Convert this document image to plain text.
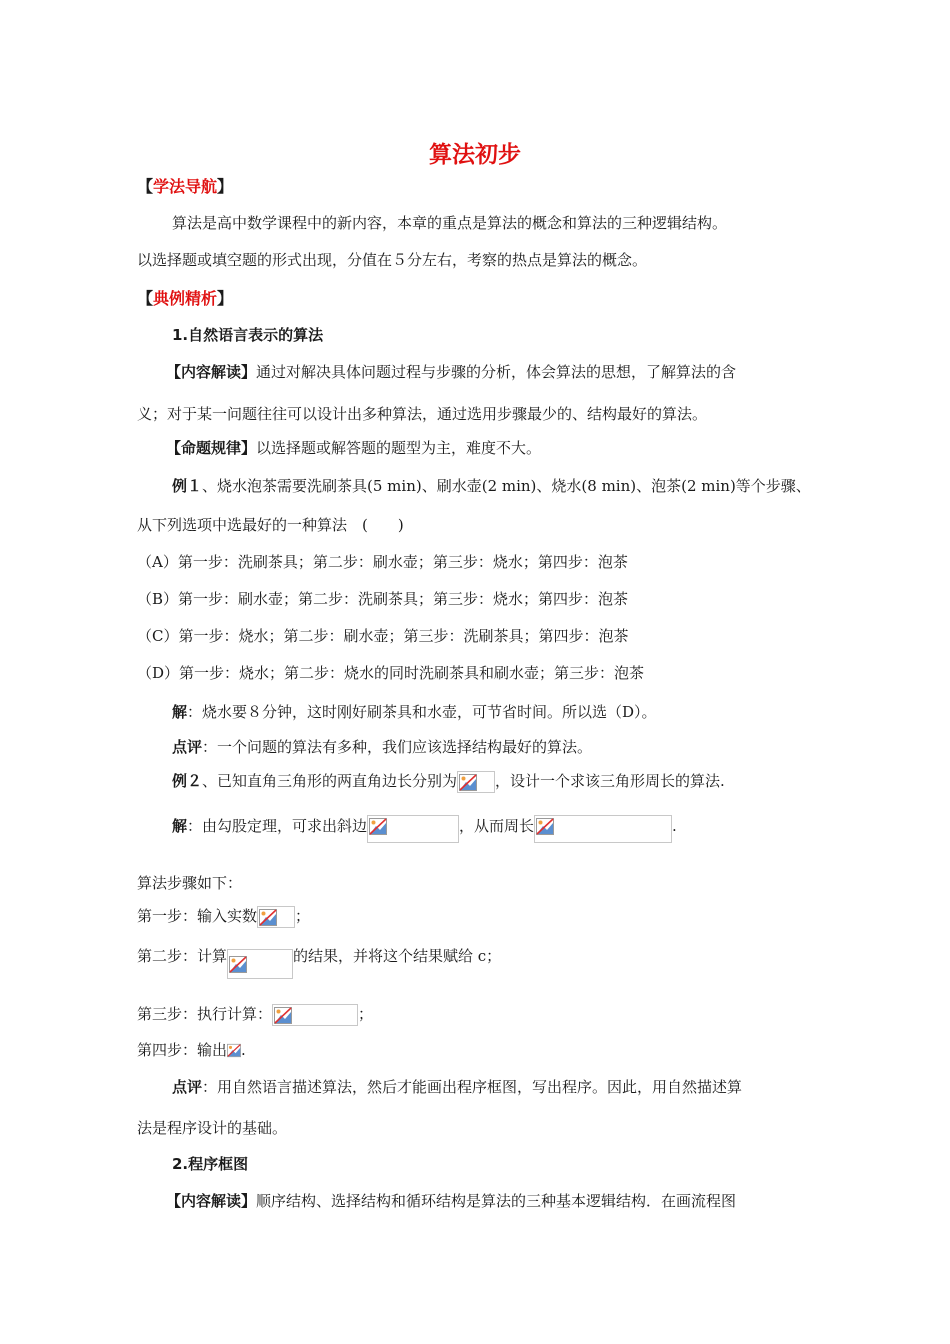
算法初步
【学法导航】
算法是高中数学课程中的新内容，本章的重点是算法的概念和算法的三种逻辑结构。
以选择题或填空题的形式出现，分值在５分左右，考察的热点是算法的概念。
【典例精析】
1.自然语言表示的算法
【内容解读】通过对解决具体问题过程与步骤的分析，体会算法的思想，了解算法的含
义；对于某一问题往往可以设计出多种算法，通过选用步骤最少的、结构最好的算法。
【命题规律】以选择题或解答题的题型为主，难度不大。
例１、烧水泡茶需要洗刷茶具(5 min)、刷水壶(2 min)、烧水(8 min)、泡茶(2 min)等个步骤、
从下列选项中选最好的一种算法　(　　)
（A）第一步：洗刷茶具；第二步：刷水壶；第三步：烧水；第四步：泡茶
（B）第一步：刷水壶；第二步：洗刷茶具；第三步：烧水；第四步：泡茶
（C）第一步：烧水；第二步：刷水壶；第三步：洗刷茶具；第四步：泡茶
（D）第一步：烧水；第二步：烧水的同时洗刷茶具和刷水壶；第三步：泡茶
解：烧水要８分钟，这时刚好刷茶具和水壶，可节省时间。所以选（D）。
点评：一个问题的算法有多种，我们应该选择结构最好的算法。
例２、已知直角三角形的两直角边长分别为	，设计一个求该三角形周长的算法.
解：由勾股定理，可求出斜边	，从而周长	.
算法步骤如下：
第一步：输入实数	；
第二步：计算	的结果，并将这个结果赋给 c；
第三步：执行计算：	；
第四步：输出 .
点评：用自然语言描述算法，然后才能画出程序框图，写出程序。因此，用自然描述算
法是程序设计的基础。
2.程序框图
【内容解读】顺序结构、选择结构和循环结构是算法的三种基本逻辑结构．在画流程图
